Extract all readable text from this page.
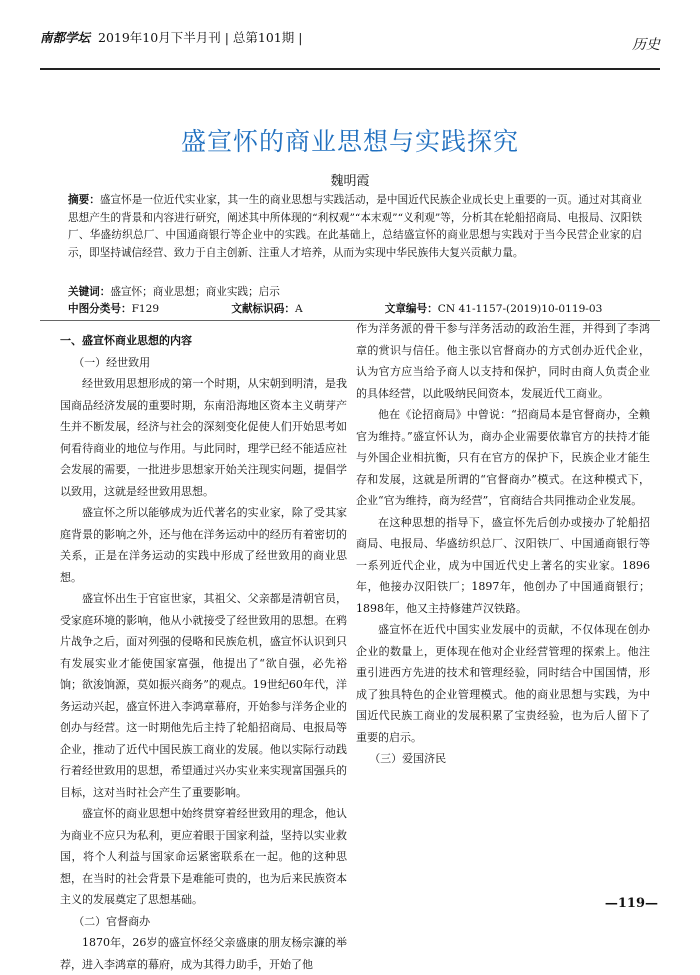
南都学坛 2019年10月下半月刊 | 总第101期 |	历史
盛宣怀的商业思想与实践探究
魏明霞
摘要：盛宣怀是一位近代实业家，其一生的商业思想与实践活动，是中国近代民族企业成长史上重要的一页。通过对其商业思想产生的背景和内容进行研究，阐述其中所体现的“利权观”“本末观”“义利观”等，分析其在轮船招商局、电报局、汉阳铁厂、华盛纺织总厂、中国通商银行等企业中的实践。在此基础上，总结盛宣怀的商业思想与实践对于当今民营企业家的启示，即坚持诚信经营、致力于自主创新、注重人才培养，从而为实现中华民族伟大复兴贡献力量。
关键词：盛宣怀；商业思想；商业实践；启示
中图分类号：F129	文献标识码：A	文章编号：CN 41-1157-(2019)10-0119-03
一、盛宣怀商业思想的内容
（一）经世致用

经世致用思想形成的第一个时期，从宋朝到明清，是我国商品经济发展的重要时期，东南沿海地区资本主义萌芽产生并不断发展，经济与社会的深刻变化促使人们开始思考如何看待商业的地位与作用。与此同时，理学已经不能适应社会发展的需要，一批进步思想家开始关注现实问题，提倡学以致用，这就是经世致用思想。

盛宣怀之所以能够成为近代著名的实业家，除了受其家庭背景的影响之外，还与他在洋务运动中的经历有着密切的关系，正是在洋务运动的实践中形成了经世致用的商业思想。

盛宣怀出生于官宦世家，其祖父、父亲都是清朝官员，受家庭环境的影响，他从小就接受了经世致用的思想。在鸦片战争之后，面对列强的侵略和民族危机，盛宣怀认识到只有发展实业才能使国家富强，他提出了“欲自强，必先裕饷；欲浚饷源，莫如振兴商务”的观点。19世纪60年代，洋务运动兴起，盛宣怀进入李鸿章幕府，开始参与洋务企业的创办与经营。这一时期他先后主持了轮船招商局、电报局等企业，推动了近代中国民族工商业的发展。他以实际行动践行着经世致用的思想，希望通过兴办实业来实现富国强兵的目标，这对当时社会产生了重要影响。

盛宣怀的商业思想中始终贯穿着经世致用的理念，他认为商业不应只为私利，更应着眼于国家利益，坚持以实业救国，将个人利益与国家命运紧密联系在一起。他的这种思想，在当时的社会背景下是难能可贵的，也为后来民族资本主义的发展奠定了思想基础。

（二）官督商办

1870年，26岁的盛宣怀经父亲盛康的朋友杨宗濂的举荐，进入李鸿章的幕府，成为其得力助手，开始了他

作为洋务派的骨干参与洋务活动的政治生涯，并得到了李鸿章的赏识与信任。他主张以官督商办的方式创办近代企业，认为官方应当给予商人以支持和保护，同时由商人负责企业的具体经营，以此吸纳民间资本，发展近代工商业。

他在《论招商局》中曾说：“招商局本是官督商办，全赖官为维持。”盛宣怀认为，商办企业需要依靠官方的扶持才能与外国企业相抗衡，只有在官方的保护下，民族企业才能生存和发展，这就是所谓的“官督商办”模式。在这种模式下，企业“官为维持，商为经营”，官商结合共同推动企业发展。

在这种思想的指导下，盛宣怀先后创办或接办了轮船招商局、电报局、华盛纺织总厂、汉阳铁厂、中国通商银行等一系列近代企业，成为中国近代史上著名的实业家。1896年，他接办汉阳铁厂；1897年，他创办了中国通商银行；1898年，他又主持修建芦汉铁路。

盛宣怀在近代中国实业发展中的贡献，不仅体现在创办企业的数量上，更体现在他对企业经营管理的探索上。他注重引进西方先进的技术和管理经验，同时结合中国国情，形成了独具特色的企业管理模式。他的商业思想与实践，为中国近代民族工商业的发展积累了宝贵经验，也为后人留下了重要的启示。

（三）爱国济民
—119—
